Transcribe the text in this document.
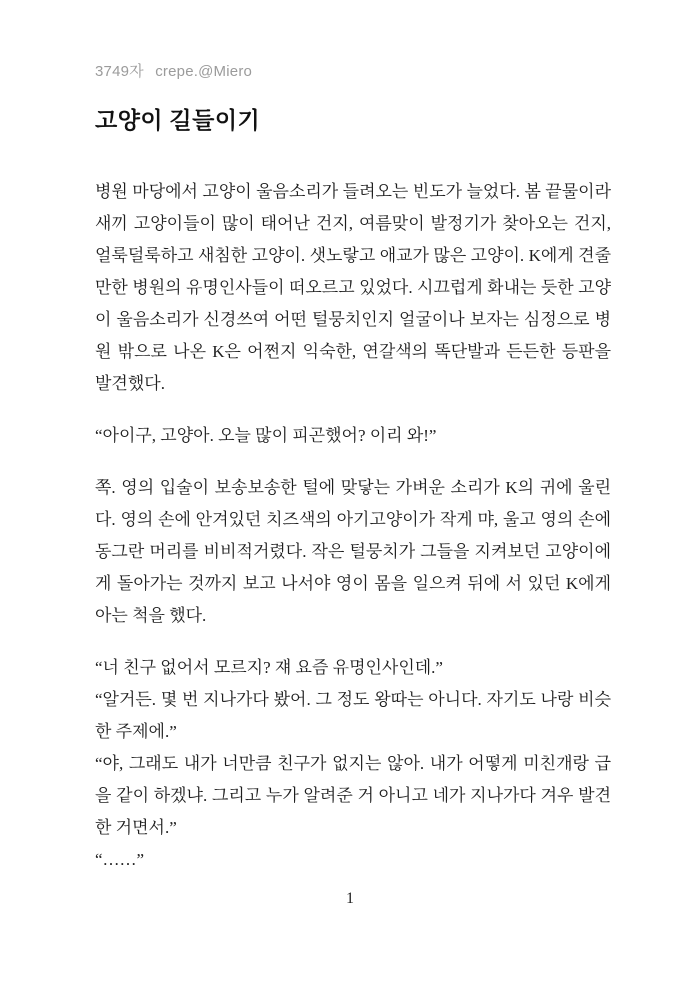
3749자 crepe.@Miero
고양이 길들이기

병원 마당에서 고양이 울음소리가 들려오는 빈도가 늘었다. 봄 끝물이라 새끼 고양이들이 많이 태어난 건지, 여름맞이 발정기가 찾아오는 건지, 얼룩덜룩하고 새침한 고양이. 샛노랗고 애교가 많은 고양이. K에게 견줄 만한 병원의 유명인사들이 떠오르고 있었다. 시끄럽게 화내는 듯한 고양이 울음소리가 신경쓰여 어떤 털뭉치인지 얼굴이나 보자는 심정으로 병원 밖으로 나온 K은 어쩐지 익숙한, 연갈색의 똑단발과 든든한 등판을 발견했다.

“아이구, 고양아. 오늘 많이 피곤했어? 이리 와!”

쪽. 영의 입술이 보송보송한 털에 맞닿는 가벼운 소리가 K의 귀에 울린다. 영의 손에 안겨있던 치즈색의 아기고양이가 작게 먀, 울고 영의 손에 동그란 머리를 비비적거렸다. 작은 털뭉치가 그들을 지켜보던 고양이에게 돌아가는 것까지 보고 나서야 영이 몸을 일으켜 뒤에 서 있던 K에게 아는 척을 했다.

“너 친구 없어서 모르지? 쟤 요즘 유명인사인데.”

“알거든. 몇 번 지나가다 봤어. 그 정도 왕따는 아니다. 자기도 나랑 비슷한 주제에.”

“야, 그래도 내가 너만큼 친구가 없지는 않아. 내가 어떻게 미친개랑 급을 같이 하겠냐. 그리고 누가 알려준 거 아니고 네가 지나가다 겨우 발견한 거면서.”

“……”

1
